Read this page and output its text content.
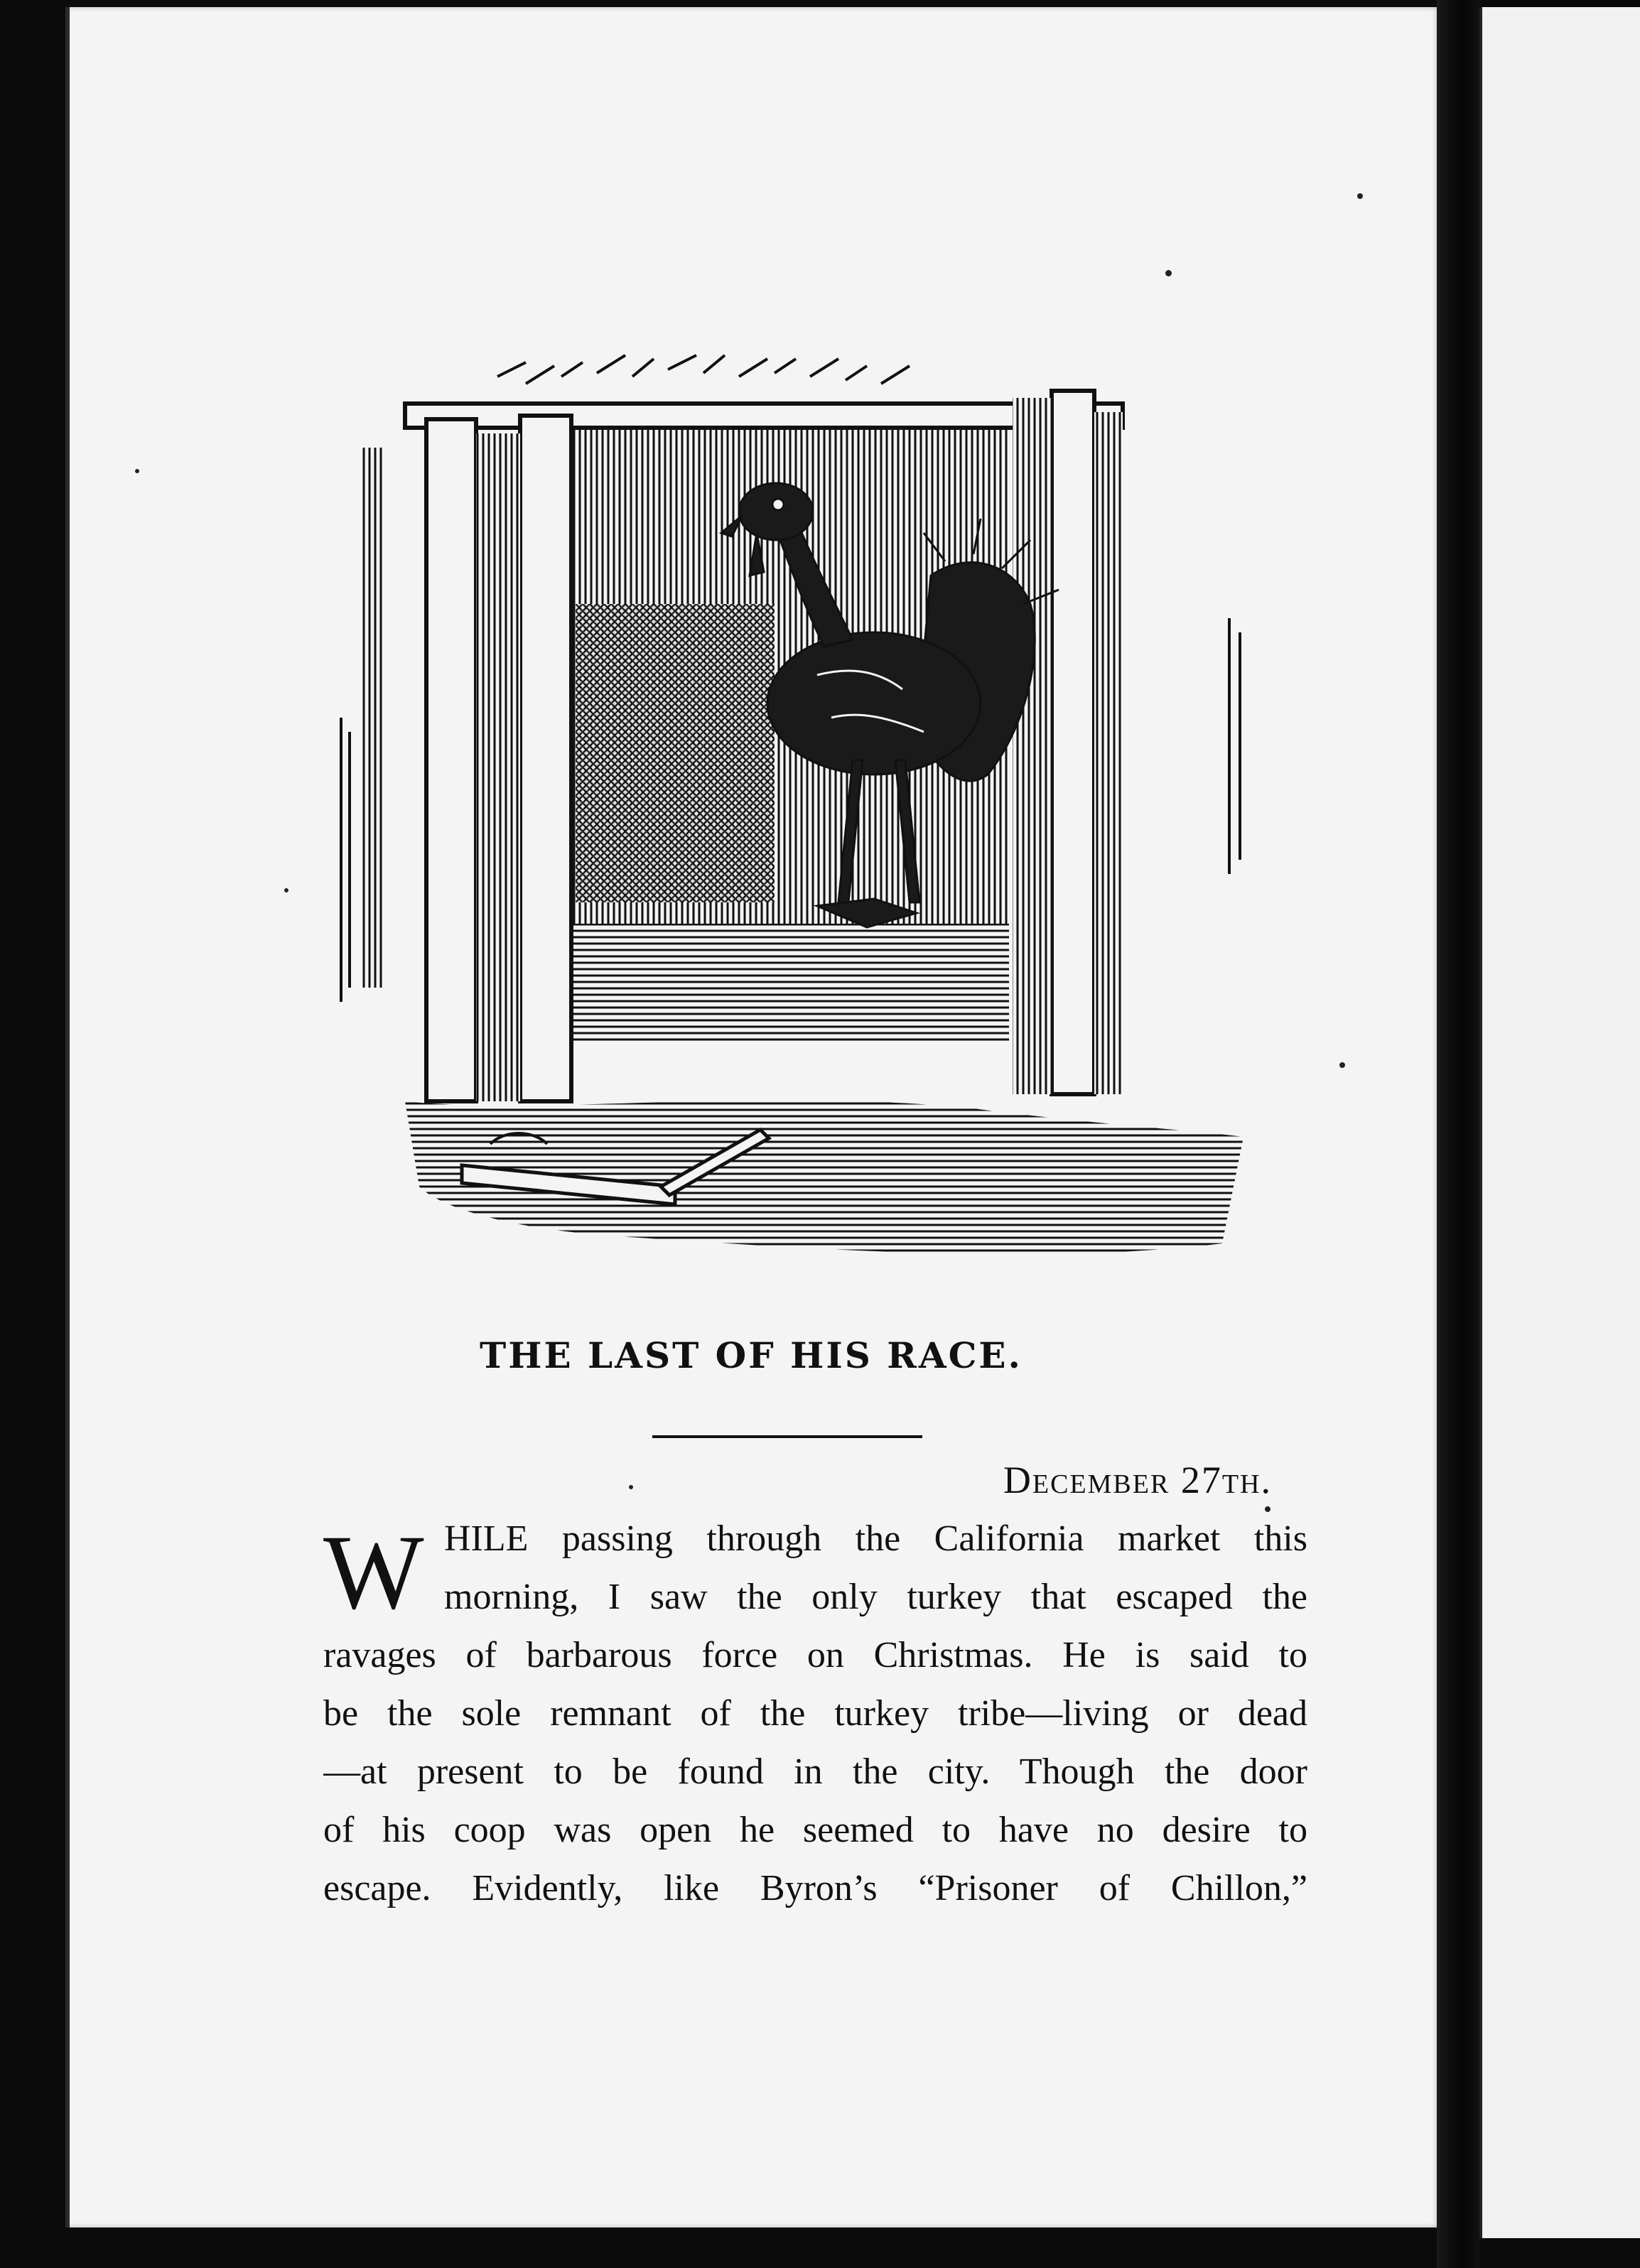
THE LAST OF HIS RACE.
December 27th.
W HILE passing through the California market this
morning, I saw the only turkey that escaped the
ravages of barbarous force on Christmas. He is said to
be the sole remnant of the turkey tribe—living or dead
—at present to be found in the city. Though the door
of his coop was open he seemed to have no desire to
escape. Evidently, like Byron’s “Prisoner of Chillon,”
